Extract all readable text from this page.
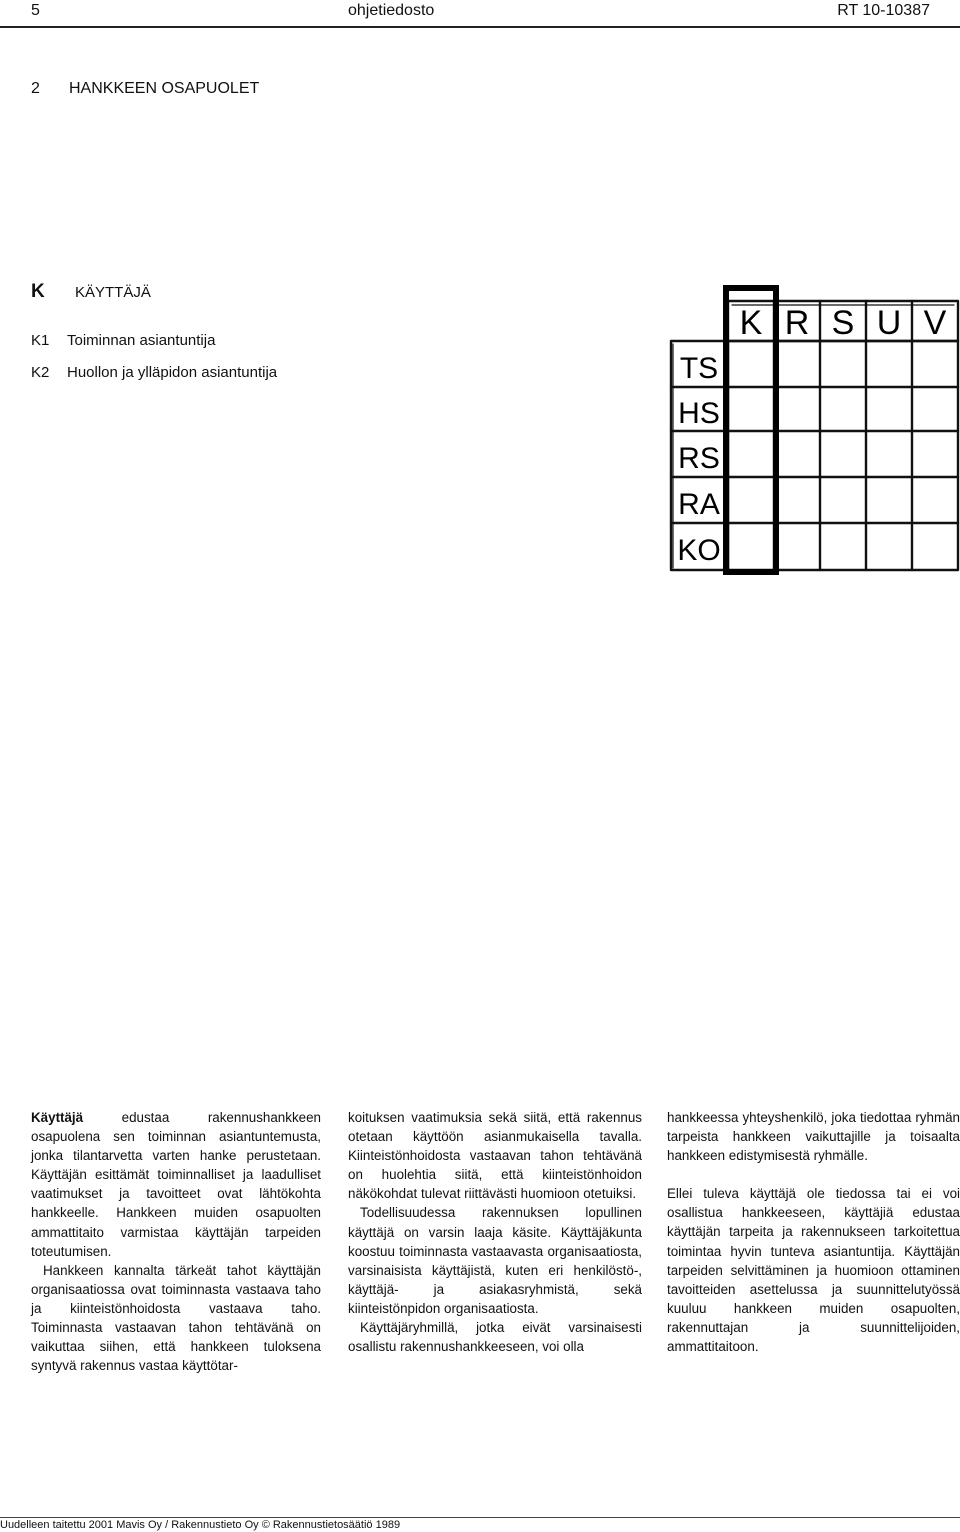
5	ohjetiedosto	RT 10-10387
2 HANKKEEN OSAPUOLET
K KÄYTTÄJÄ
K1 Toiminnan asiantuntija
K2 Huollon ja ylläpidon asiantuntija
K R S U V
TS
HS
RS
RA
KO

Käyttäjä edustaa rakennushankkeen osapuolena sen toiminnan asiantuntemusta, jonka tilantarvetta varten hanke perustetaan. Käyttäjän esittämät toiminnalliset ja laadulliset vaatimukset ja tavoitteet ovat lähtökohta hankkeelle. Hankkeen muiden osapuolten ammattitaito varmistaa käyttäjän tarpeiden toteutumisen.

Hankkeen kannalta tärkeät tahot käyttäjän organisaatiossa ovat toiminnasta vastaava taho ja kiinteistönhoidosta vastaava taho. Toiminnasta vastaavan tahon tehtävänä on vaikuttaa siihen, että hankkeen tuloksena syntyvä rakennus vastaa käyttötar-

koituksen vaatimuksia sekä siitä, että rakennus otetaan käyttöön asianmukaisella tavalla. Kiinteistönhoidosta vastaavan tahon tehtävänä on huolehtia siitä, että kiinteistönhoidon näkökohdat tulevat riittävästi huomioon otetuiksi.

Todellisuudessa rakennuksen lopullinen käyttäjä on varsin laaja käsite. Käyttäjäkunta koostuu toiminnasta vastaavasta organisaatiosta, varsinaisista käyttäjistä, kuten eri henkilöstö-, käyttäjä- ja asiakasryhmistä, sekä kiinteistönpidon organisaatiosta.

Käyttäjäryhmillä, jotka eivät varsinaisesti osallistu rakennushankkeeseen, voi olla

hankkeessa yhteyshenkilö, joka tiedottaa ryhmän tarpeista hankkeen vaikuttajille ja toisaalta hankkeen edistymisestä ryhmälle.

Ellei tuleva käyttäjä ole tiedossa tai ei voi osallistua hankkeeseen, käyttäjiä edustaa käyttäjän tarpeita ja rakennukseen tarkoitettua toimintaa hyvin tunteva asiantuntija. Käyttäjän tarpeiden selvittäminen ja huomioon ottaminen tavoitteiden asettelussa ja suunnittelutyössä kuuluu hankkeen muiden osapuolten, rakennuttajan ja suunnittelijoiden, ammattitaitoon.

Uudelleen taitettu 2001 Mavis Oy / Rakennustieto Oy © Rakennustietosäätiö 1989
